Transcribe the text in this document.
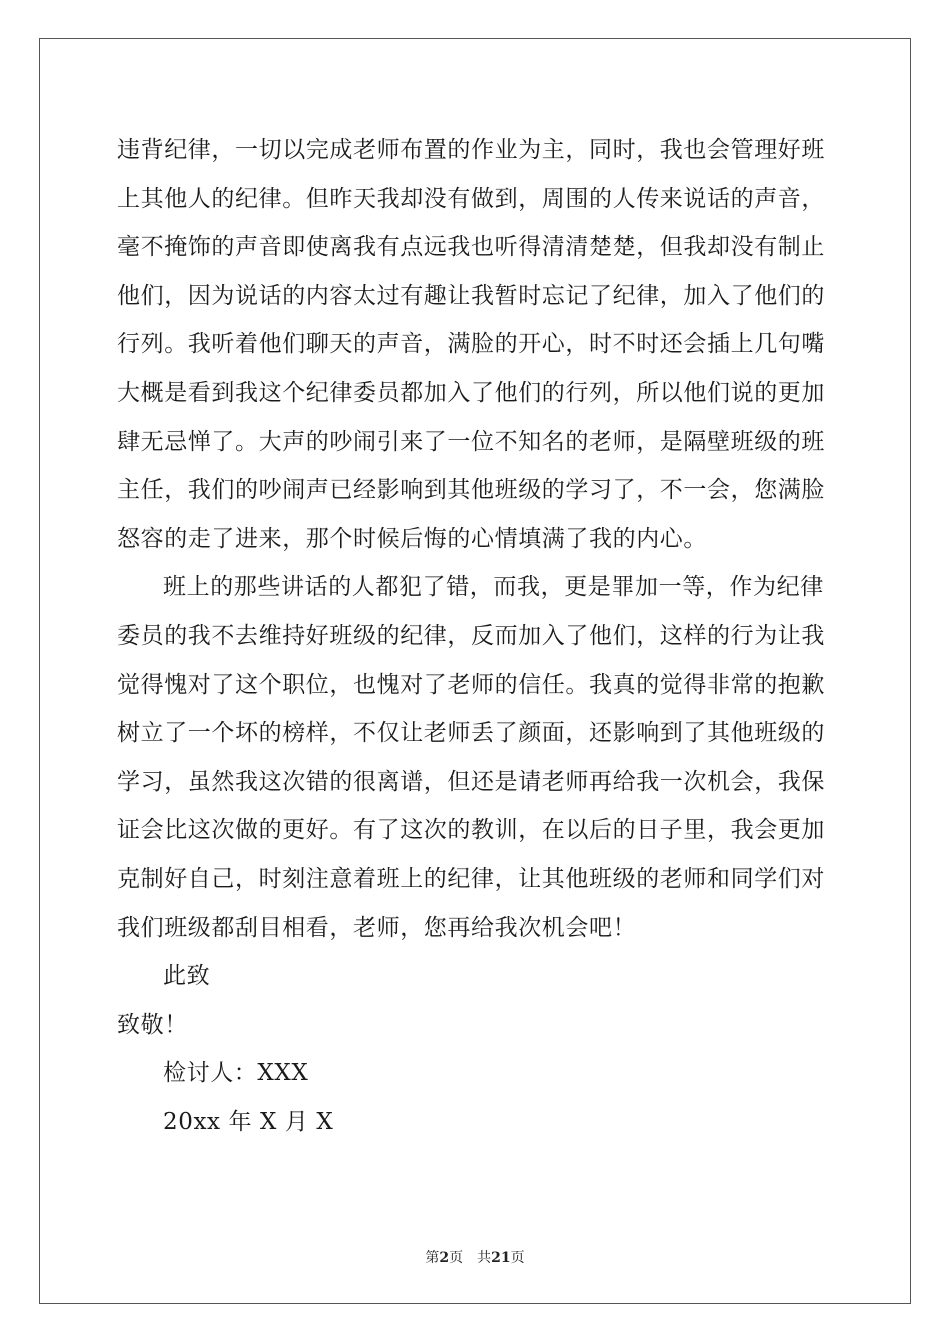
违背纪律，一切以完成老师布置的作业为主，同时，我也会管理好班
上其他人的纪律。但昨天我却没有做到，周围的人传来说话的声音，
毫不掩饰的声音即使离我有点远我也听得清清楚楚，但我却没有制止
他们，因为说话的内容太过有趣让我暂时忘记了纪律，加入了他们的
行列。我听着他们聊天的声音，满脸的开心，时不时还会插上几句嘴
大概是看到我这个纪律委员都加入了他们的行列，所以他们说的更加
肆无忌惮了。大声的吵闹引来了一位不知名的老师，是隔壁班级的班
主任，我们的吵闹声已经影响到其他班级的学习了，不一会，您满脸
怒容的走了进来，那个时候后悔的心情填满了我的内心。
班上的那些讲话的人都犯了错，而我，更是罪加一等，作为纪律
委员的我不去维持好班级的纪律，反而加入了他们，这样的行为让我
觉得愧对了这个职位，也愧对了老师的信任。我真的觉得非常的抱歉
树立了一个坏的榜样，不仅让老师丢了颜面，还影响到了其他班级的
学习，虽然我这次错的很离谱，但还是请老师再给我一次机会，我保
证会比这次做的更好。有了这次的教训，在以后的日子里，我会更加
克制好自己，时刻注意着班上的纪律，让其他班级的老师和同学们对
我们班级都刮目相看，老师，您再给我次机会吧！
此致
致敬！
检讨人：XXX
20xx 年 X 月 X
第2页 共21页
